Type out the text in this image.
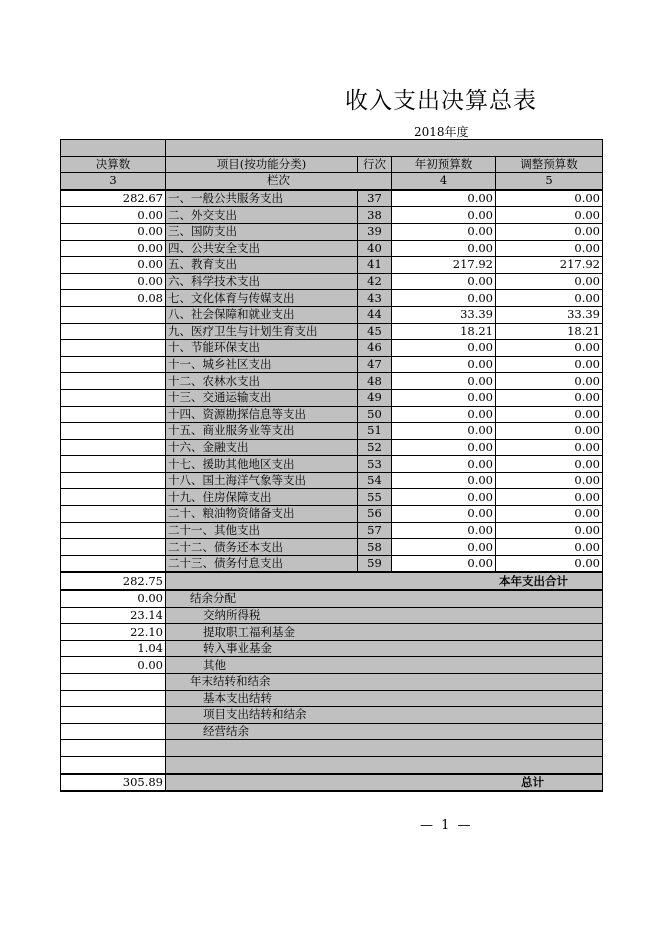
收入支出决算总表
2018年度

决算数	项目(按功能分类)	行次	年初预算数	调整预算数
3	栏次		4	5
282.67	一、一般公共服务支出	37	0.00	0.00
0.00	二、外交支出	38	0.00	0.00
0.00	三、国防支出	39	0.00	0.00
0.00	四、公共安全支出	40	0.00	0.00
0.00	五、教育支出	41	217.92	217.92
0.00	六、科学技术支出	42	0.00	0.00
0.08	七、文化体育与传媒支出	43	0.00	0.00
	八、社会保障和就业支出	44	33.39	33.39
	九、医疗卫生与计划生育支出	45	18.21	18.21
	十、节能环保支出	46	0.00	0.00
	十一、城乡社区支出	47	0.00	0.00
	十二、农林水支出	48	0.00	0.00
	十三、交通运输支出	49	0.00	0.00
	十四、资源勘探信息等支出	50	0.00	0.00
	十五、商业服务业等支出	51	0.00	0.00
	十六、金融支出	52	0.00	0.00
	十七、援助其他地区支出	53	0.00	0.00
	十八、国土海洋气象等支出	54	0.00	0.00
	十九、住房保障支出	55	0.00	0.00
	二十、粮油物资储备支出	56	0.00	0.00
	二十一、其他支出	57	0.00	0.00
	二十二、债务还本支出	58	0.00	0.00
	二十三、债务付息支出	59	0.00	0.00
282.75	本年支出合计			
0.00	结余分配			
23.14	交纳所得税			
22.10	提取职工福利基金			
1.04	转入事业基金			
0.00	其他			
	年末结转和结余			
	基本支出结转			
	项目支出结转和结余			
	经营结余			

305.89	总计			
— 1 —
